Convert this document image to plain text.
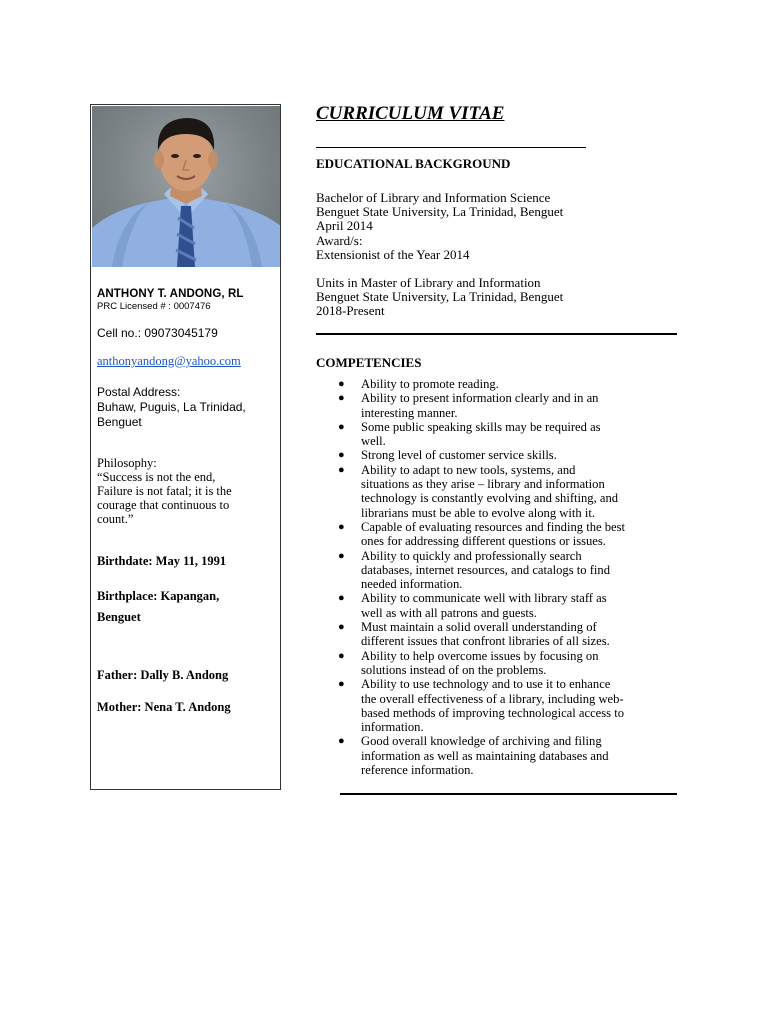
ANTHONY T. ANDONG, RL
PRC Licensed # : 0007476
Cell no.: 09073045179
anthonyandong@yahoo.com
Postal Address:
Buhaw, Puguis, La Trinidad,
Benguet
Philosophy:
“Success is not the end,
Failure is not fatal; it is the
courage that continuous to
count.”
Birthdate: May 11, 1991
Birthplace: Kapangan,
Benguet
Father: Dally B. Andong
Mother: Nena T. Andong
CURRICULUM VITAE
EDUCATIONAL BACKGROUND
Bachelor of Library and Information Science
Benguet State University, La Trinidad, Benguet
April 2014
Award/s:
Extensionist of the Year 2014
Units in Master of Library and Information
Benguet State University, La Trinidad, Benguet
2018-Present
COMPETENCIES
● Ability to promote reading.
● Ability to present information clearly and in an
interesting manner.
● Some public speaking skills may be required as
well.
● Strong level of customer service skills.
● Ability to adapt to new tools, systems, and
situations as they arise – library and information
technology is constantly evolving and shifting, and
librarians must be able to evolve along with it.
● Capable of evaluating resources and finding the best
ones for addressing different questions or issues.
● Ability to quickly and professionally search
databases, internet resources, and catalogs to find
needed information.
● Ability to communicate well with library staff as
well as with all patrons and guests.
● Must maintain a solid overall understanding of
different issues that confront libraries of all sizes.
● Ability to help overcome issues by focusing on
solutions instead of on the problems.
● Ability to use technology and to use it to enhance
the overall effectiveness of a library, including web-
based methods of improving technological access to
information.
● Good overall knowledge of archiving and filing
information as well as maintaining databases and
reference information.
